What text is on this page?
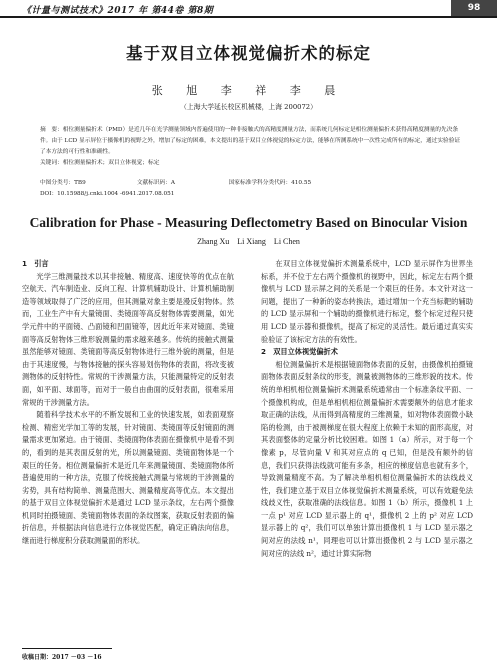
《计量与测试技术》2017 年 第44卷 第8期	98
基于双目立体视觉偏折术的标定
张 旭 李 祥 李 晨
（上海大学延长校区机械楼，上海 200072）

摘　要：相位测量偏折术（PMD）是近几年在光学测量领域内普遍使用的一种非接触式的高精度测量方法，而系统几何标定是相位测量偏折术获得高精度测量的先决条件。由于 LCD 显示屏位于摄像机的视野之外，增加了标定的困难，本文提出的基于双目立体视觉的标定方法，能够在所测系统中一次性完成所有的标定，通过实验验证了本方法的可行性和准确性。

关键词：相位测量偏折术；双目立体视觉；标定

中图分类号：TB9	文献标识码：A	国家标准学科分类代码：410.55
DOI：10.15988/j.cnki.1004 -6941.2017.08.051
Calibration for Phase - Measuring Deflectometry Based on Binocular Vision
Zhang Xu　Li Xiang　Li Chen

1　引言

光学三维测量技术以其非接触、精度高、速度快等的优点在航空航天、汽车制造业、反向工程、计算机辅助设计、计算机辅助制造等领域取得了广泛的应用，但其测量对象主要是漫反射物体。然而，工业生产中有大量镜面、类镜面等高反射物体需要测量，如光学元件中的平面镜、凸面镜和凹面镜等，因此近年来对镜面、类镜面等高反射物体三维形貌测量的需求越来越多。传统的接触式测量虽然能够对镜面、类镜面等高反射物体进行三维外貌的测量，但是由于其速度慢，与物体接触的探头容易划伤物体的表面，将改变被测物体的反射特性。常规的干涉测量方法，只能测量特定的反射表面，如平面、球面等，而对于一般自由曲面的反射表面，很难采用常规的干涉测量方法。

随着科学技术水平的不断发展和工业的快速发展，如表面观察检测、精密光学加工等的发展，针对镜面、类镜面等反射镜面的测量需求更加紧迫。由于镜面、类镜面物体表面在摄像机中是看不到的，看到的是其表面反射的光，所以测量镜面、类镜面物体是一个艰巨的任务。相位测量偏折术是近几年来测量镜面、类镜面物体所普遍使用的一种方法，克服了传统接触式测量与常规的干涉测量的劣势，具有结构简单、测量范围大、测量精度高等优点。本文提出的基于双目立体视觉偏折术是通过 LCD 显示条纹，左右两个摄像机同时拍摄镜面、类镜面物体表面的条纹图案，获取反射表面的偏折信息，并根据法向信息进行立体视觉匹配，确定正确法向信息，继而进行梯度积分获取测量面的形状。

在双目立体视觉偏折术测量系统中，LCD 显示屏作为世界坐标系，并不位于左右两个摄像机的视野中，因此，标定左右两个摄像机与 LCD 显示屏之间的关系是一个艰巨的任务。本文针对这一问题，提出了一种新的姿态转换法，通过增加一个充当标靶的辅助的 LCD 显示屏和一个辅助的摄像机进行标定，整个标定过程只使用 LCD 显示器和摄像机，提高了标定的灵活性。最后通过真实实验验证了该标定方法的有效性。

2　双目立体视觉偏折术

相位测量偏折术是根据镜面物体表面的反射，由摄像机拍摄镜面物体表面反射条纹的形变，测量被测物体的三维形貌的技术。传统的单相机相位测量偏折术测量系统通常由一个标准条纹平面、一个摄像机构成，但是单相机相位测量偏折术需要额外的信息才能求取正确的法线，从而得到高精度的三维测量，如对物体表面微小缺陷的检测，由于被测梯度在很大程度上依赖于未知的面形高度，对其表面整体的定量分析比较困难。如图 1（a）所示，对于每一个像素 p，尽管向量 V 和其对应点的 q 已知，但是没有额外的信息，我们只获得法线就可能有多条，相应的梯度信息也就有多个，导致测量精度不高。为了解决单相机相位测量偏折术的法线歧义性，我们建立基于双目立体视觉偏折术测量系统，可以有效避免法线歧义性，获取准确的法线信息。如图 1（b）所示，摄像机 1 上一点 p¹ 对应 LCD 显示器上的 q¹，摄像机 2 上的 p² 对应 LCD 显示器上的 q²，我们可以单独计算出摄像机 1 与 LCD 显示器之间对应的法线 n¹，同理也可以计算出摄像机 2 与 LCD 显示器之间对应的法线 n²，通过计算实际物

收稿日期：2017 －03 －16
